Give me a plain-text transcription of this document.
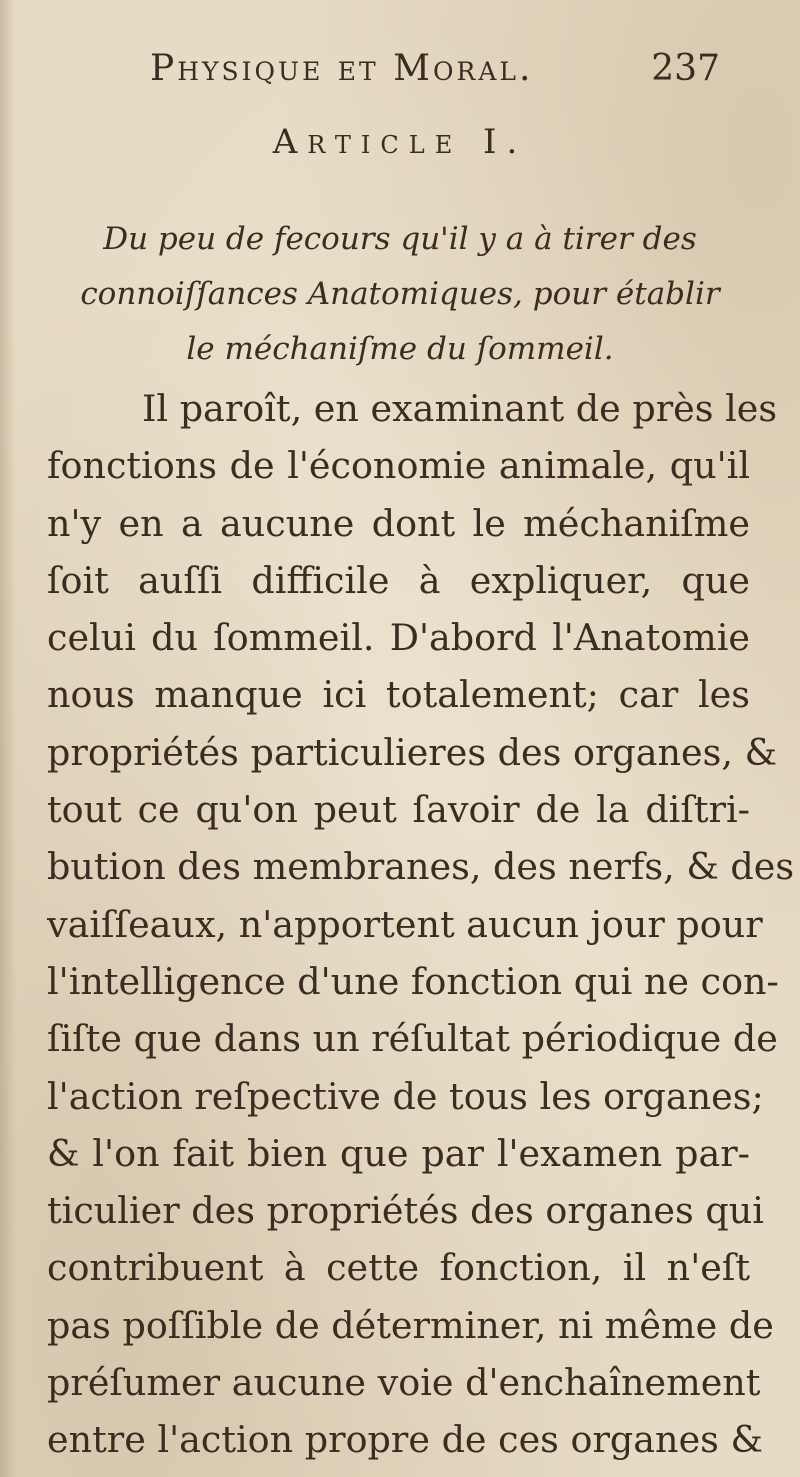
Physique et Moral.	237
Article I.
Du peu de fecours qu'il y a à tirer des
connoiſſances Anatomiques, pour établir
le méchaniſme du ſommeil.
Il paroît, en examinant de près les
fonctions de l'économie animale, qu'il
n'y en a aucune dont le méchaniſme
ſoit auſſi difficile à expliquer, que
celui du ſommeil. D'abord l'Anatomie
nous manque ici totalement; car les
propriétés particulieres des organes, &
tout ce qu'on peut ſavoir de la diſtri-
bution des membranes, des nerfs, & des
vaiſſeaux, n'apportent aucun jour pour
l'intelligence d'une fonction qui ne con-
ſiſte que dans un réſultat périodique de
l'action reſpective de tous les organes;
& l'on fait bien que par l'examen par-
ticulier des propriétés des organes qui
contribuent à cette fonction, il n'eſt
pas poſſible de déterminer, ni même de
préſumer aucune voie d'enchaînement
entre l'action propre de ces organes &
